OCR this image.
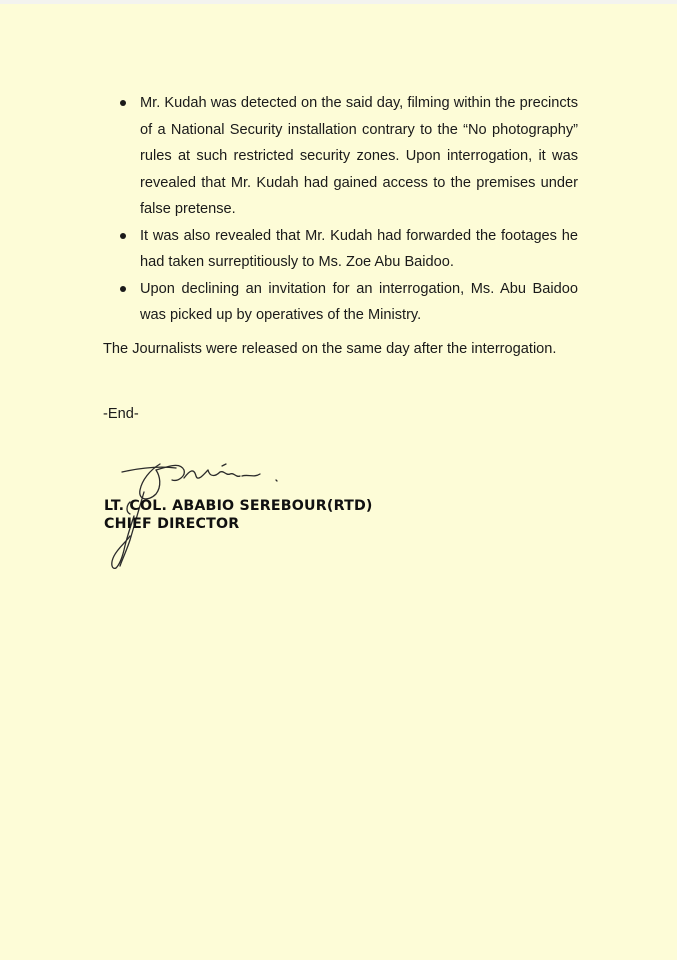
Mr. Kudah was detected on the said day, filming within the precincts of a National Security installation contrary to the “No photography” rules at such restricted security zones. Upon interrogation, it was revealed that Mr. Kudah had gained access to the premises under false pretense.
It was also revealed that Mr. Kudah had forwarded the footages he had taken surreptitiously to Ms. Zoe Abu Baidoo.
Upon declining an invitation for an interrogation, Ms. Abu Baidoo was picked up by operatives of the Ministry.
The Journalists were released on the same day after the interrogation.
-End-
LT. COL. ABABIO SEREBOUR(RTD)
CHIEF DIRECTOR
